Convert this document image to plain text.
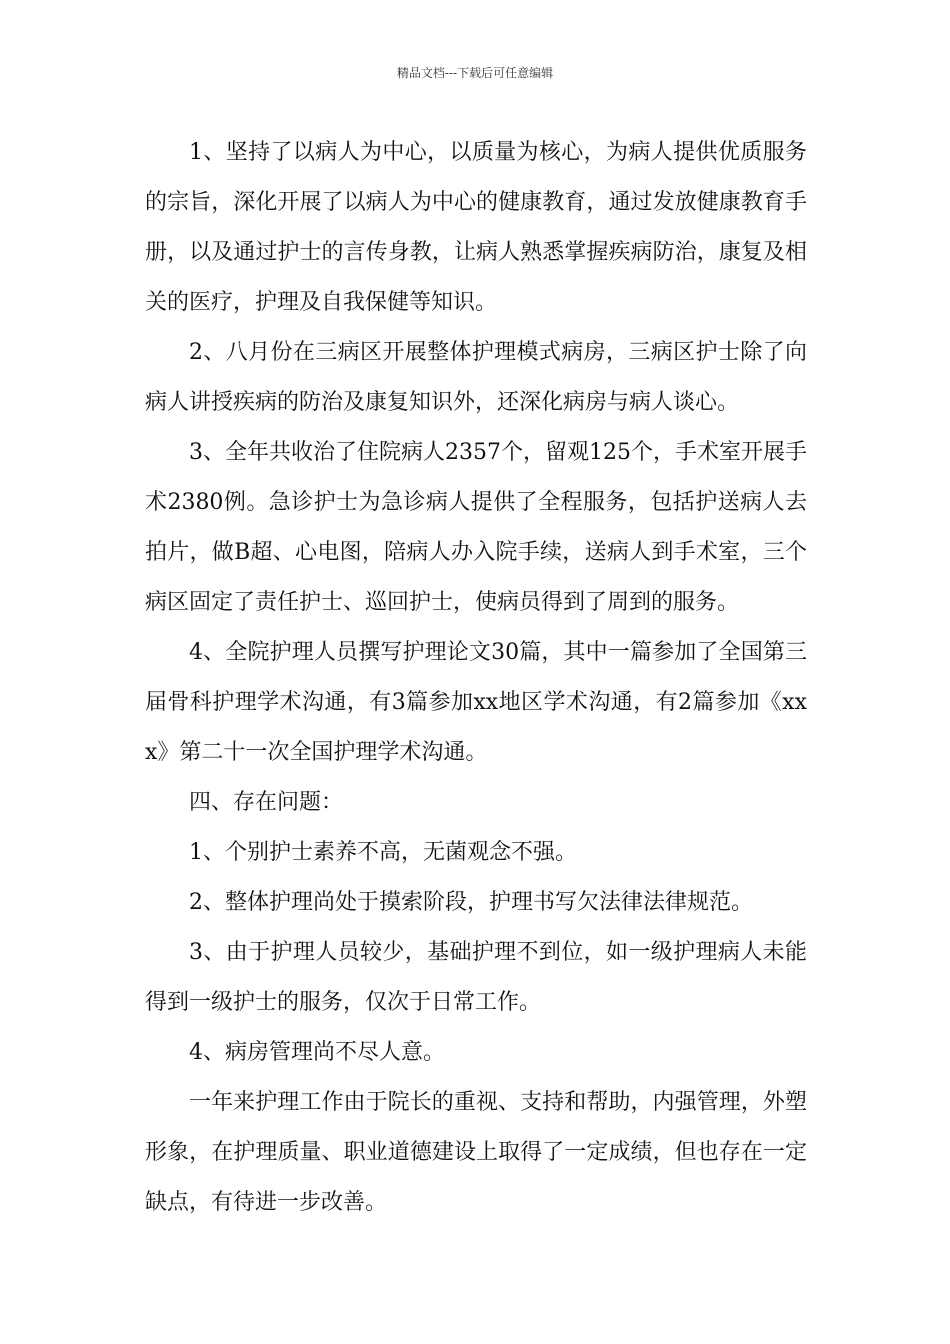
精品文档---下载后可任意编辑

1、坚持了以病人为中心，以质量为核心，为病人提供优质服务的宗旨，深化开展了以病人为中心的健康教育，通过发放健康教育手册，以及通过护士的言传身教，让病人熟悉掌握疾病防治，康复及相关的医疗，护理及自我保健等知识。

2、八月份在三病区开展整体护理模式病房，三病区护士除了向病人讲授疾病的防治及康复知识外，还深化病房与病人谈心。

3、全年共收治了住院病人2357个，留观125个，手术室开展手术2380例。急诊护士为急诊病人提供了全程服务，包括护送病人去拍片，做B超、心电图，陪病人办入院手续，送病人到手术室，三个病区固定了责任护士、巡回护士，使病员得到了周到的服务。

4、全院护理人员撰写护理论文30篇，其中一篇参加了全国第三届骨科护理学术沟通，有3篇参加xx地区学术沟通，有2篇参加《xxx》第二十一次全国护理学术沟通。

四、存在问题：

1、个别护士素养不高，无菌观念不强。

2、整体护理尚处于摸索阶段，护理书写欠法律法律规范。

3、由于护理人员较少，基础护理不到位，如一级护理病人未能得到一级护士的服务，仅次于日常工作。

4、病房管理尚不尽人意。

一年来护理工作由于院长的重视、支持和帮助，内强管理，外塑形象，在护理质量、职业道德建设上取得了一定成绩，但也存在一定缺点，有待进一步改善。
